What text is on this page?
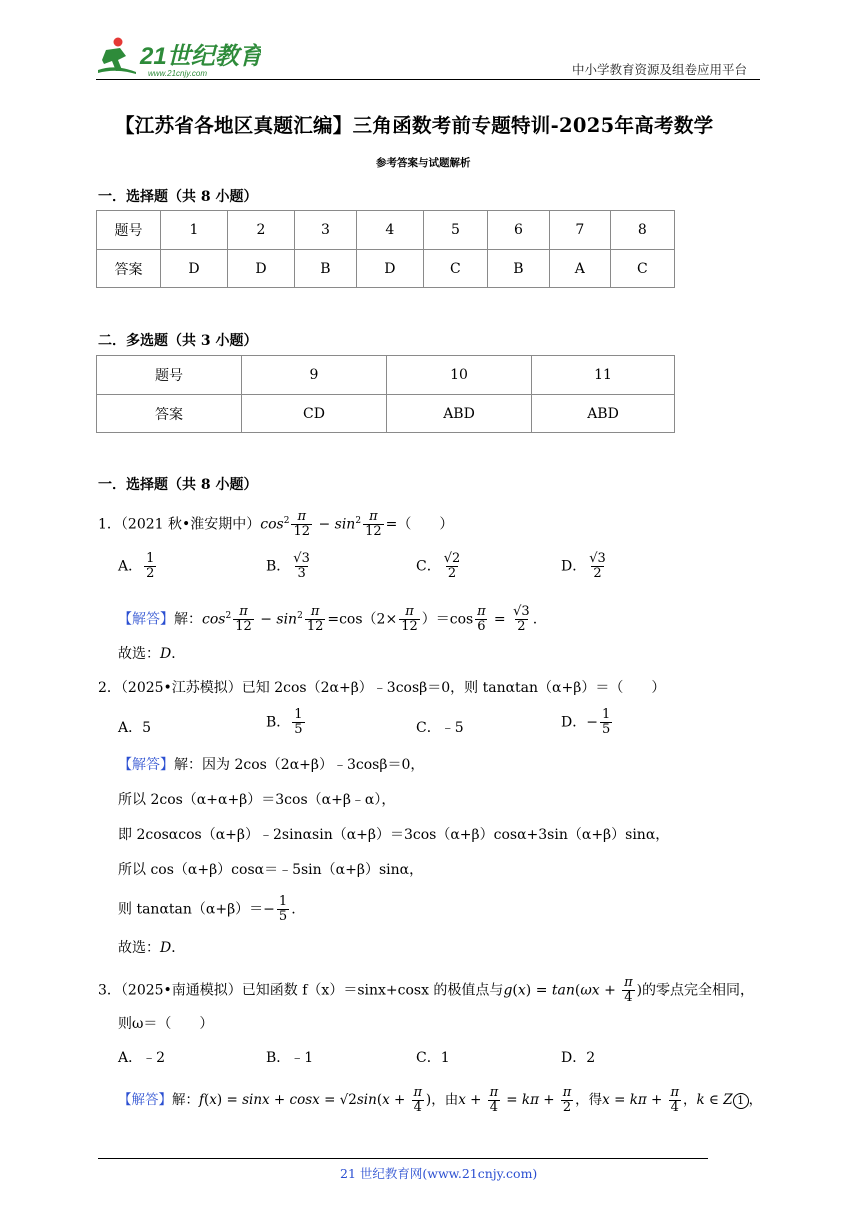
21世纪教育
www.21cnjy.com	中小学教育资源及组卷应用平台
【江苏省各地区真题汇编】三角函数考前专题特训-2025年高考数学
参考答案与试题解析
一．选择题（共 8 小题）
题号	1	2	3	4	5	6	7	8
答案	D	D	B	D	C	B	A	C
二．多选题（共 3 小题）
题号	9	10	11
答案	CD	ABD	ABD
一．选择题（共 8 小题）
1．（2021 秋•淮安期中）$\cos^2 \frac{\pi}{12} - \sin^2 \frac{\pi}{12}$ =（　　）
A． $\frac{1}{2}$	B． $\frac{√3}{3}$	C． $\frac{√2}{2}$	D． $\frac{√3}{2}$
【解答】解：$\cos^2 \frac{\pi}{12} - \sin^2 \frac{\pi}{12} =\cos(2\times \frac{\pi}{12} )=\cos \frac{\pi}{6} = \frac{√3}{2}$ .
故选：D．
2．（2025•江苏模拟）已知 2cos（2α+β）﹣3cosβ＝0，则 tanαtan（α+β）＝（　　）
A．5	B． $\frac{1}{5}$	C．﹣5	D．− $\frac{1}{5}$
【解答】解：因为 2cos（2α+β）﹣3cosβ＝0，
所以 2cos（α+α+β）＝3cos（α+β﹣α），
即 2cosαcos（α+β）﹣2sinαsin（α+β）＝3cos（α+β）cosα+3sin（α+β）sinα，
所以 cos（α+β）cosα＝﹣5sin（α+β）sinα，
则 $\tan\alpha\tan(\alpha+\beta)=- \frac{1}{5}$ .
故选：D．
3．（2025•南通模拟）已知函数 f（x）＝sinx+cosx 的极值点与$g(x) = \tan(\omega x + \frac{\pi}{4}$ )的零点完全相同，
则ω＝（　　）
A．﹣2	B．﹣1	C．1	D．2
【解答】解：$f(x) = \sin x + \cos x = √2\sin(x + \frac{\pi}{4}$ )，由$x + \frac{\pi}{4} = k\pi + \frac{\pi}{2}$ ，得$x = k\pi + \frac{\pi}{4}$ ，k ∈ Z 1 ，
21 世纪教育网(www.21cnjy.com)
